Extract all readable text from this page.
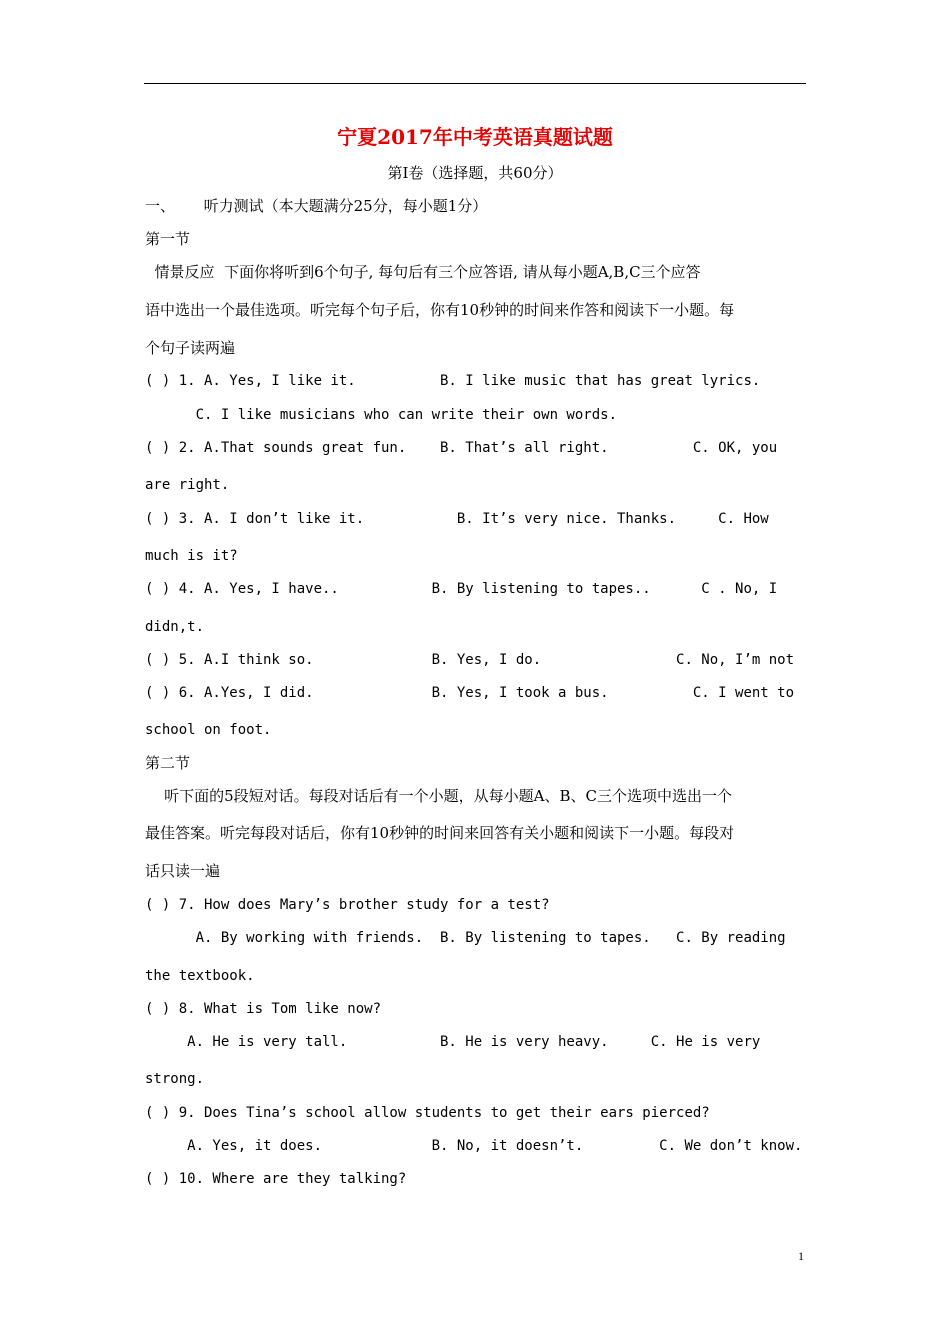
宁夏2017年中考英语真题试题
第Ⅰ卷（选择题，共60分）
一、      听力测试（本大题满分25分，每小题1分）
第一节
情景反应  下面你将听到6个句子, 每句后有三个应答语, 请从每小题A,B,C三个应答
语中选出一个最佳选项。听完每个句子后，你有10秒钟的时间来作答和阅读下一小题。每
个句子读两遍
( ) 1. A. Yes, I like it.          B. I like music that has great lyrics.
C. I like musicians who can write their own words.
( ) 2. A.That sounds great fun.    B. That’s all right.          C. OK, you
are right.
( ) 3. A. I don’t like it.           B. It’s very nice. Thanks.     C. How
much is it?
( ) 4. A. Yes, I have..           B. By listening to tapes..      C . No, I
didn,t.
( ) 5. A.I think so.              B. Yes, I do.                C. No, I’m not
( ) 6. A.Yes, I did.              B. Yes, I took a bus.          C. I went to
school on foot.
第二节
听下面的5段短对话。每段对话后有一个小题，从每小题A、B、C三个选项中选出一个
最佳答案。听完每段对话后，你有10秒钟的时间来回答有关小题和阅读下一小题。每段对
话只读一遍
( ) 7. How does Mary’s brother study for a test?
A. By working with friends.  B. By listening to tapes.   C. By reading
the textbook.
( ) 8. What is Tom like now?
A. He is very tall.           B. He is very heavy.     C. He is very
strong.
( ) 9. Does Tina’s school allow students to get their ears pierced?
A. Yes, it does.             B. No, it doesn’t.         C. We don’t know.
( ) 10. Where are they talking?
1
